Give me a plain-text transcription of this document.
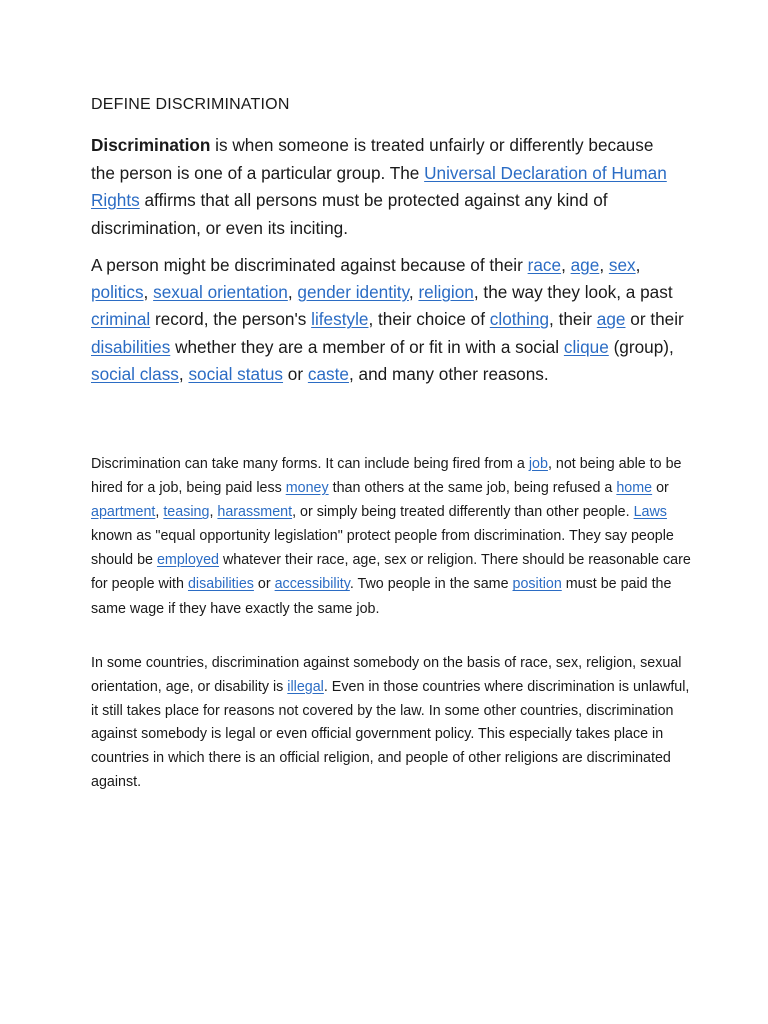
DEFINE DISCRIMINATION

Discrimination is when someone is treated unfairly or differently because the person is one of a particular group. The Universal Declaration of Human Rights affirms that all persons must be protected against any kind of discrimination, or even its inciting.

A person might be discriminated against because of their race, age, sex, politics, sexual orientation, gender identity, religion, the way they look, a past criminal record, the person's lifestyle, their choice of clothing, their age or their disabilities whether they are a member of or fit in with a social clique (group), social class, social status or caste, and many other reasons.

Discrimination can take many forms. It can include being fired from a job, not being able to be hired for a job, being paid less money than others at the same job, being refused a home or apartment, teasing, harassment, or simply being treated differently than other people. Laws known as "equal opportunity legislation" protect people from discrimination. They say people should be employed whatever their race, age, sex or religion. There should be reasonable care for people with disabilities or accessibility. Two people in the same position must be paid the same wage if they have exactly the same job.

In some countries, discrimination against somebody on the basis of race, sex, religion, sexual orientation, age, or disability is illegal. Even in those countries where discrimination is unlawful, it still takes place for reasons not covered by the law. In some other countries, discrimination against somebody is legal or even official government policy. This especially takes place in countries in which there is an official religion, and people of other religions are discriminated against.
